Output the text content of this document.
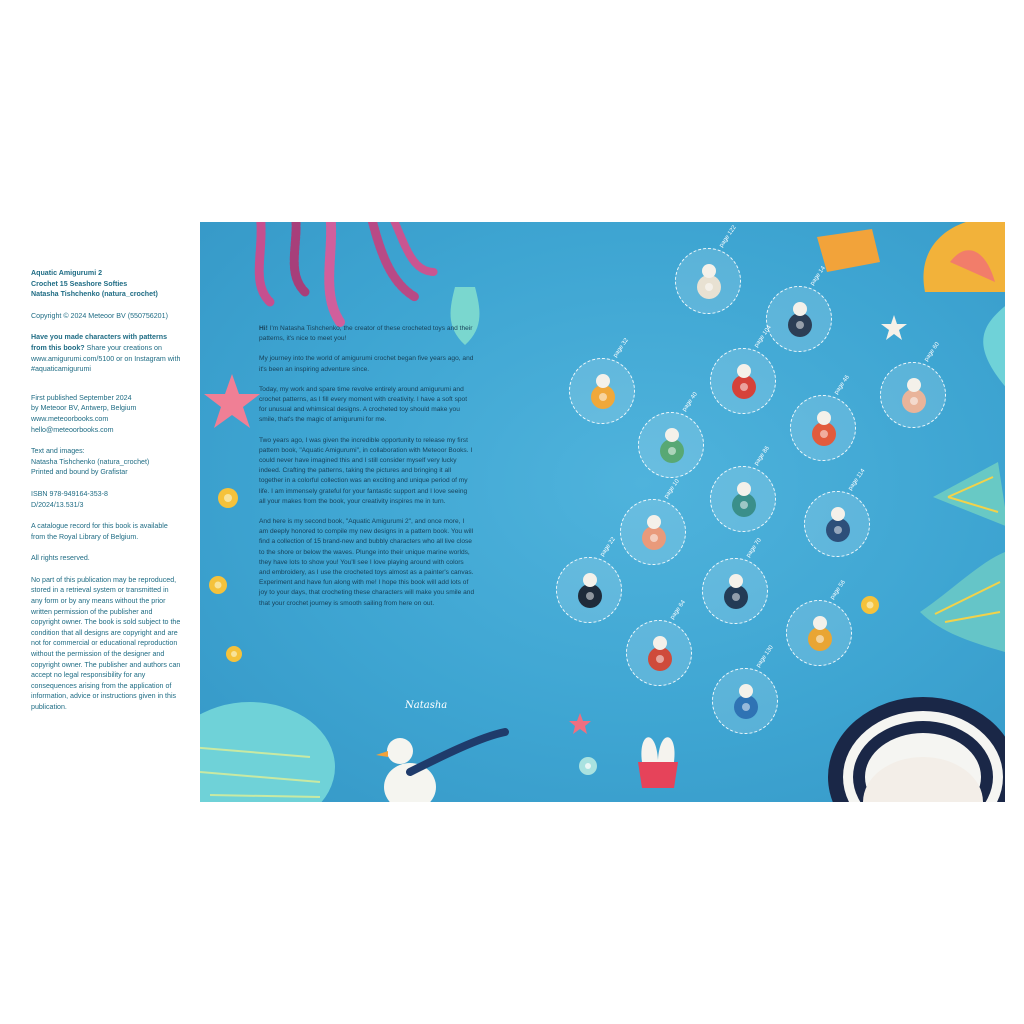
Aquatic Amigurumi 2
Crochet 15 Seashore Softies
Natasha Tishchenko (natura_crochet)

Copyright © 2024 Meteoor BV (550756201)

Have you made characters with patterns from this book? Share your creations on www.amigurumi.com/5100 or on Instagram with #aquaticamigurumi

First published September 2024
by Meteoor BV, Antwerp, Belgium
www.meteoorbooks.com
hello@meteoorbooks.com

Text and images:
Natasha Tishchenko (natura_crochet)
Printed and bound by Grafistar

ISBN 978-949164-353-8
D/2024/13.531/3

A catalogue record for this book is available from the Royal Library of Belgium.

All rights reserved.

No part of this publication may be reproduced, stored in a retrieval system or transmitted in any form or by any means without the prior written permission of the publisher and copyright owner. The book is sold subject to the condition that all designs are copyright and are not for commercial or educational reproduction without the permission of the designer and copyright owner. The publisher and authors can accept no legal responsibility for any consequences arising from the application of information, advice or instructions given in this publication.

Hi! I'm Natasha Tishchenko, the creator of these crocheted toys and their patterns, it's nice to meet you!

My journey into the world of amigurumi crochet began five years ago, and it's been an inspiring adventure since.

Today, my work and spare time revolve entirely around amigurumi and crochet patterns, as I fill every moment with creativity. I have a soft spot for unusual and whimsical designs. A crocheted toy should make you smile, that's the magic of amigurumi for me.

Two years ago, I was given the incredible opportunity to release my first pattern book, "Aquatic Amigurumi", in collaboration with Meteoor Books. I could never have imagined this and I still consider myself very lucky indeed. Crafting the patterns, taking the pictures and bringing it all together in a colorful collection was an exciting and unique period of my life. I am immensely grateful for your fantastic support and I love seeing all your makes from the book, your creativity inspires me in turn.

And here is my second book, "Aquatic Amigurumi 2", and once more, I am deeply honored to compile my new designs in a pattern book. You will find a collection of 15 brand-new and bubbly characters who all live close to the shore or below the waves. Plunge into their unique marine worlds, they have lots to show you! You'll see I love playing around with colors and embroidery, as I use the crocheted toys almost as a painter's canvas. Experiment and have fun along with me! I hope this book will add lots of joy to your days, that crocheting these characters will make you smile and that your crochet journey is smooth sailing from here on out.

Natasha
page 122
page 14
page 32	page 104
page 40
page 46
page 60
page 86
page 10	page 114
page 22	page 70
page 64
page 56
page 130
